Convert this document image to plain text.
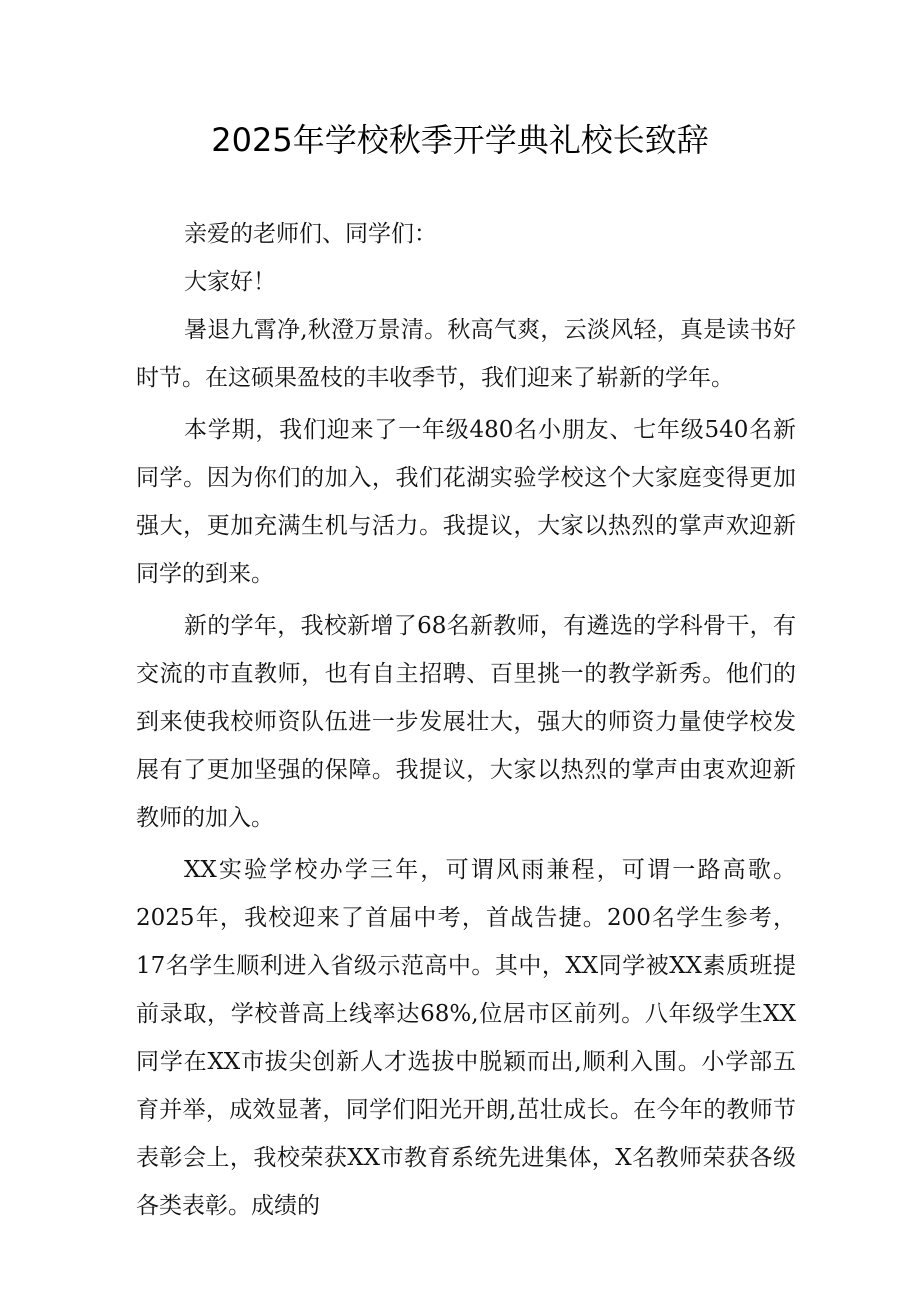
2025年学校秋季开学典礼校长致辞

亲爱的老师们、同学们：

大家好！

暑退九霄净,秋澄万景清。秋高气爽，云淡风轻，真是读书好时节。在这硕果盈枝的丰收季节，我们迎来了崭新的学年。

本学期，我们迎来了一年级480名小朋友、七年级540名新同学。因为你们的加入，我们花湖实验学校这个大家庭变得更加强大，更加充满生机与活力。我提议，大家以热烈的掌声欢迎新同学的到来。

新的学年，我校新增了68名新教师，有遴选的学科骨干，有交流的市直教师，也有自主招聘、百里挑一的教学新秀。他们的到来使我校师资队伍进一步发展壮大，强大的师资力量使学校发展有了更加坚强的保障。我提议，大家以热烈的掌声由衷欢迎新教师的加入。

XX实验学校办学三年，可谓风雨兼程，可谓一路高歌。2025年，我校迎来了首届中考，首战告捷。200名学生参考，17名学生顺利进入省级示范高中。其中，XX同学被XX素质班提前录取，学校普高上线率达68%,位居市区前列。八年级学生XX同学在XX市拔尖创新人才选拔中脱颖而出,顺利入围。小学部五育并举，成效显著，同学们阳光开朗,茁壮成长。在今年的教师节表彰会上，我校荣获XX市教育系统先进集体，X名教师荣获各级各类表彰。成绩的
